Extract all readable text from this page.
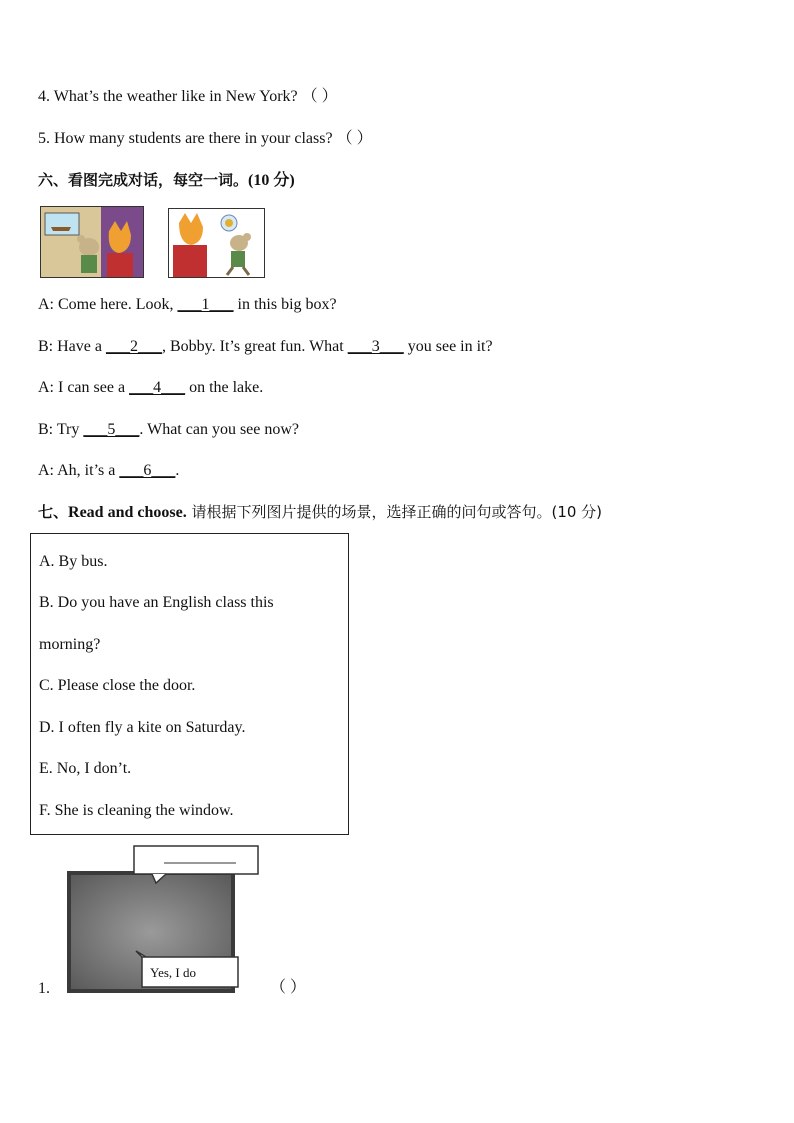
4. What’s the weather like in New York? （ ）
5. How many students are there in your class? （ ）
六、看图完成对话，每空一词。(10 分)
A: Come here. Look, ___1___ in this big box?
B: Have a ___2___, Bobby. It’s great fun. What ___3___ you see in it?
A: I can see a ___4___ on the lake.
B: Try ___5___. What can you see now?
A: Ah, it’s a ___6___.
七、Read and choose. 请根据下列图片提供的场景，选择正确的问句或答句。(10 分)
A. By bus.
B. Do you have an English class this
morning?
C. Please close the door.
D. I often fly a kite on Saturday.
E. No, I don’t.
F. She is cleaning the window.
1.
Yes, I do
（ ）
